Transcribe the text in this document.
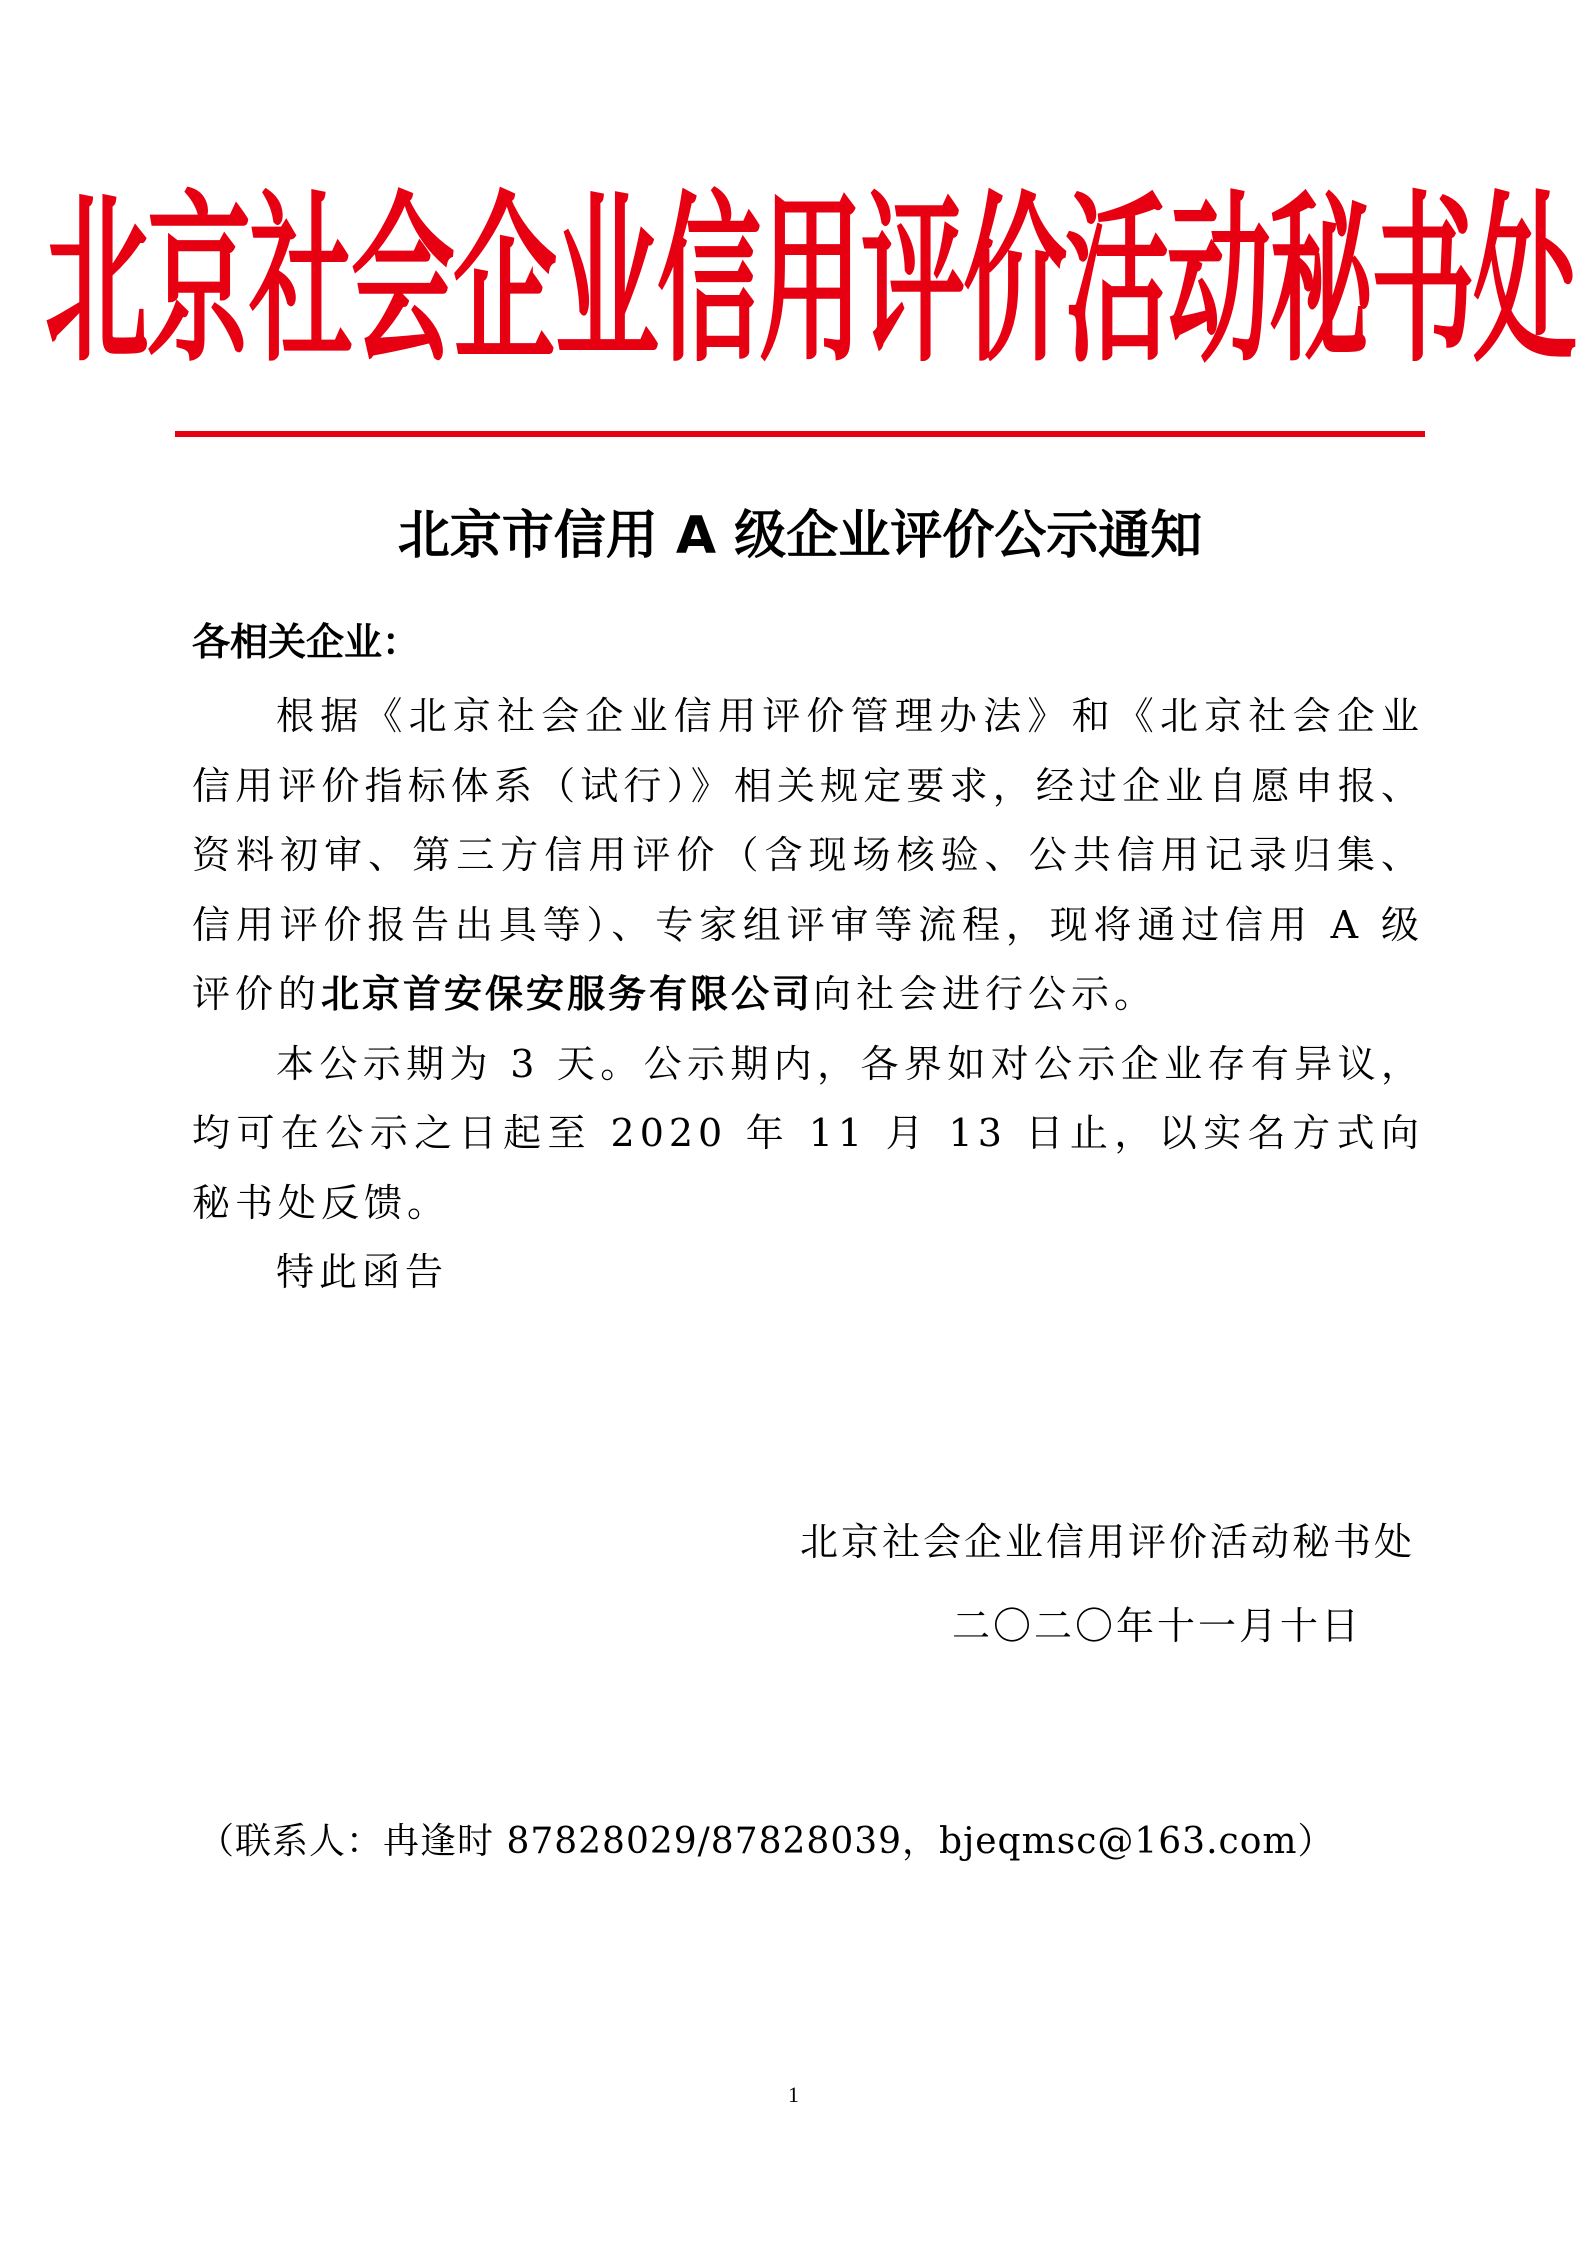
北京社会企业信用评价活动秘书处
北京市信用 A 级企业评价公示通知
各相关企业：

根据《北京社会企业信用评价管理办法》和《北京社会企业信用评价指标体系（试行）》相关规定要求，经过企业自愿申报、资料初审、第三方信用评价（含现场核验、公共信用记录归集、信用评价报告出具等）、专家组评审等流程，现将通过信用 A 级评价的北京首安保安服务有限公司向社会进行公示。

本公示期为 3 天。公示期内，各界如对公示企业存有异议，均可在公示之日起至 2020 年 11 月 13 日止，以实名方式向秘书处反馈。

特此函告

北京社会企业信用评价活动秘书处
二〇二〇年十一月十日
（联系人：冉逢时 87828029/87828039，bjeqmsc@163.com）
1
